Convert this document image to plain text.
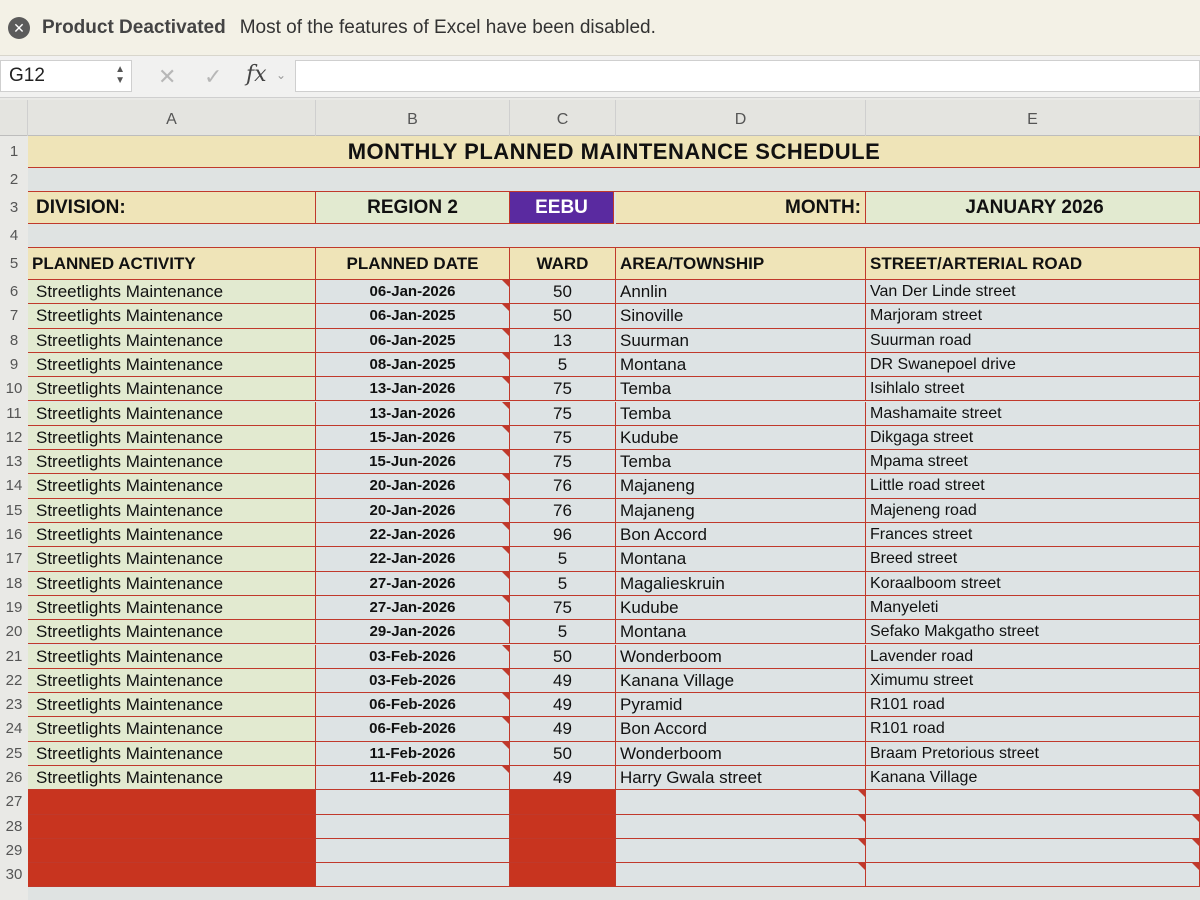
✕ Product Deactivated Most of the features of Excel have been disabled.
G12	▲
▼ ✕ ✓ fx ⌄
A	B	C	D	E
1
2
3
4
5
6
7
8
9
10
11
12
13
14
15
16
17
18
19
20
21
22
23
24
25
26
27
28
29
30
MONTHLY PLANNED MAINTENANCE SCHEDULE
DIVISION:	REGION 2	EEBU	MONTH:	JANUARY 2026
PLANNED ACTIVITY	PLANNED DATE	WARD	AREA/TOWNSHIP	STREET/ARTERIAL ROAD
Streetlights Maintenance	06-Jan-2026	50	Annlin	Van Der Linde street
Streetlights Maintenance	06-Jan-2025	50	Sinoville	Marjoram street
Streetlights Maintenance	06-Jan-2025	13	Suurman	Suurman road
Streetlights Maintenance	08-Jan-2025	5	Montana	DR Swanepoel drive
Streetlights Maintenance	13-Jan-2026	75	Temba	Isihlalo street
Streetlights Maintenance	13-Jan-2026	75	Temba	Mashamaite street
Streetlights Maintenance	15-Jan-2026	75	Kudube	Dikgaga street
Streetlights Maintenance	15-Jun-2026	75	Temba	Mpama street
Streetlights Maintenance	20-Jan-2026	76	Majaneng	Little road street
Streetlights Maintenance	20-Jan-2026	76	Majaneng	Majeneng road
Streetlights Maintenance	22-Jan-2026	96	Bon Accord	Frances street
Streetlights Maintenance	22-Jan-2026	5	Montana	Breed street
Streetlights Maintenance	27-Jan-2026	5	Magalieskruin	Koraalboom street
Streetlights Maintenance	27-Jan-2026	75	Kudube	Manyeleti
Streetlights Maintenance	29-Jan-2026	5	Montana	Sefako Makgatho street
Streetlights Maintenance	03-Feb-2026	50	Wonderboom	Lavender road
Streetlights Maintenance	03-Feb-2026	49	Kanana Village	Ximumu street
Streetlights Maintenance	06-Feb-2026	49	Pyramid	R101 road
Streetlights Maintenance	06-Feb-2026	49	Bon Accord	R101 road
Streetlights Maintenance	11-Feb-2026	50	Wonderboom	Braam Pretorious street
Streetlights Maintenance	11-Feb-2026	49	Harry Gwala street	Kanana Village
